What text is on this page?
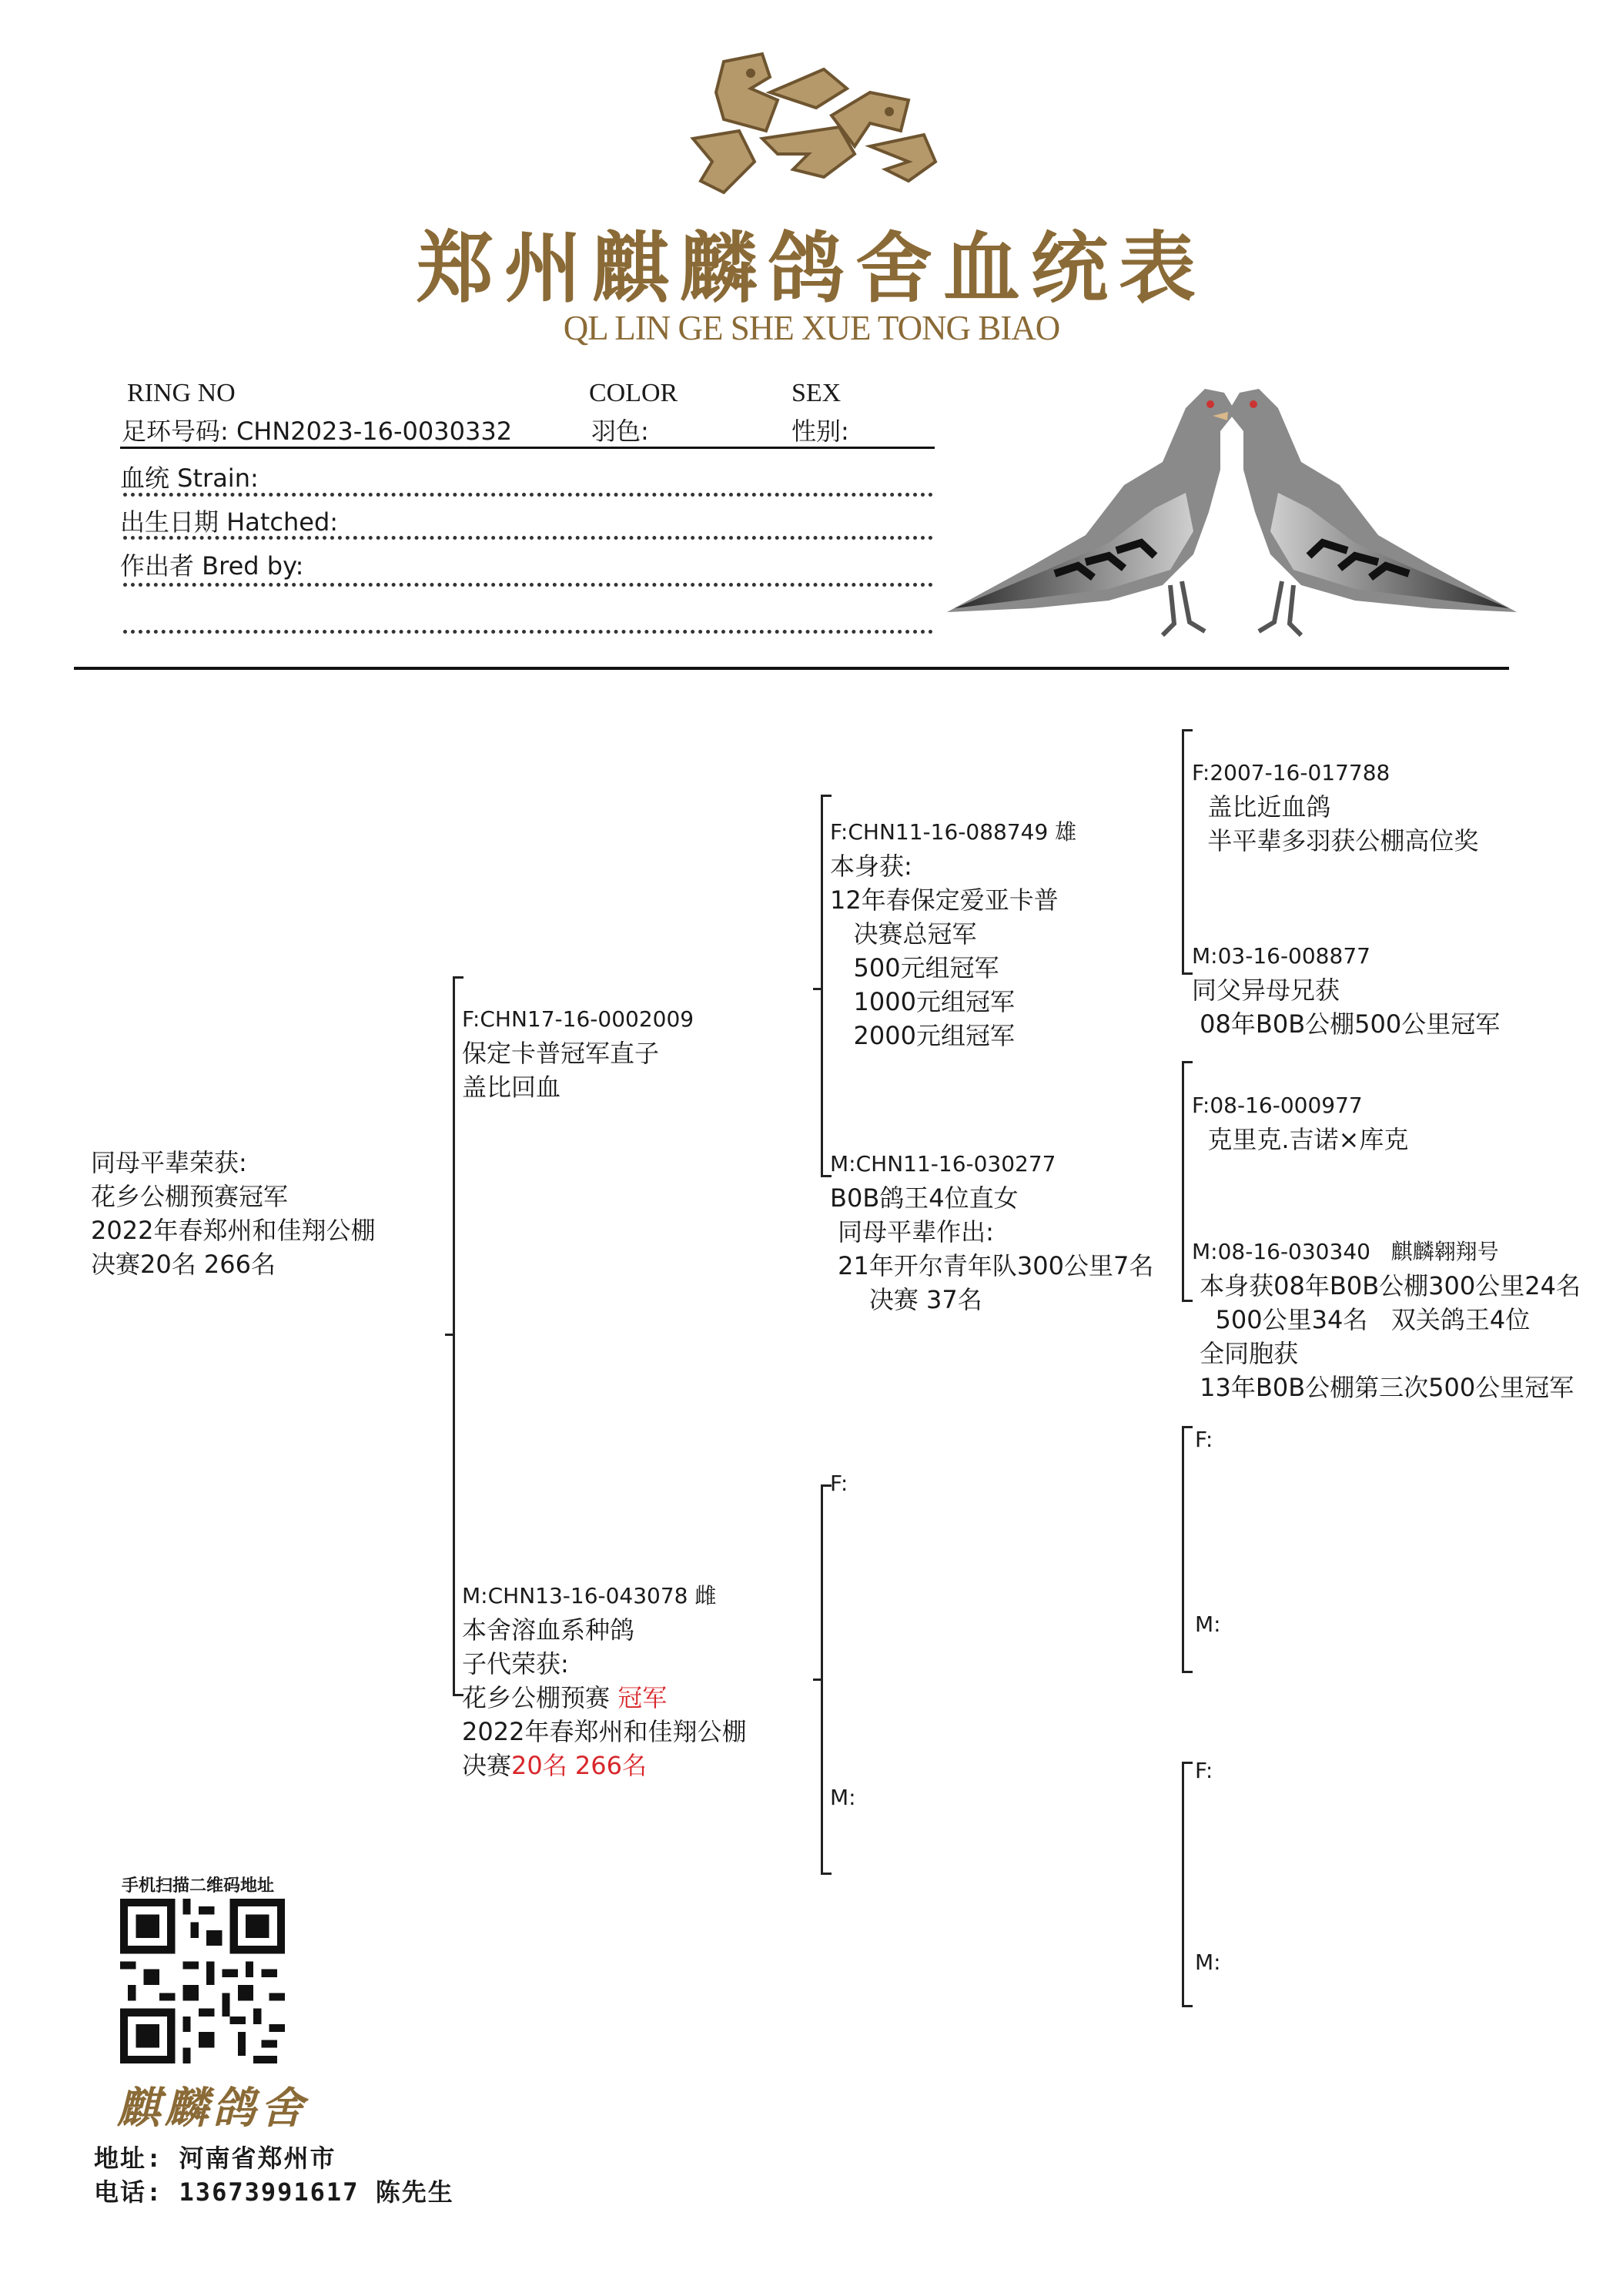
郑州麒麟鸽舍血统表
QL LIN GE SHE XUE TONG BIAO
RING NO
足环号码: CHN2023-16-0030332
COLOR
羽色:
SEX
性别:
血统 Strain:
出生日期 Hatched:
作出者 Bred by:

同母平辈荣获:
花乡公棚预赛冠军
2022年春郑州和佳翔公棚
决赛20名 266名

F:CHN17-16-0002009
保定卡普冠军直子
盖比回血

M:CHN13-16-043078 雌
本舍溶血系种鸽
子代荣获:
花乡公棚预赛 冠军
2022年春郑州和佳翔公棚
决赛20名 266名

F:CHN11-16-088749 雄
本身获:
12年春保定爱亚卡普
决赛总冠军
500元组冠军
1000元组冠军
2000元组冠军

M:CHN11-16-030277
B0B鸽王4位直女
同母平辈作出:
21年开尔青年队300公里7名
决赛 37名

F:
M:

F:2007-16-017788
盖比近血鸽
半平辈多羽获公棚高位奖

M:03-16-008877
同父异母兄获
08年B0B公棚500公里冠军

F:08-16-000977
克里克.吉诺×库克

M:08-16-030340   麒麟翱翔号
本身获08年B0B公棚300公里24名
500公里34名   双关鸽王4位
全同胞获
13年B0B公棚第三次500公里冠军

F:
M:
F:
M:
手机扫描二维码地址
麒麟鸽舍
地址: 河南省郑州市
电话: 13673991617 陈先生
